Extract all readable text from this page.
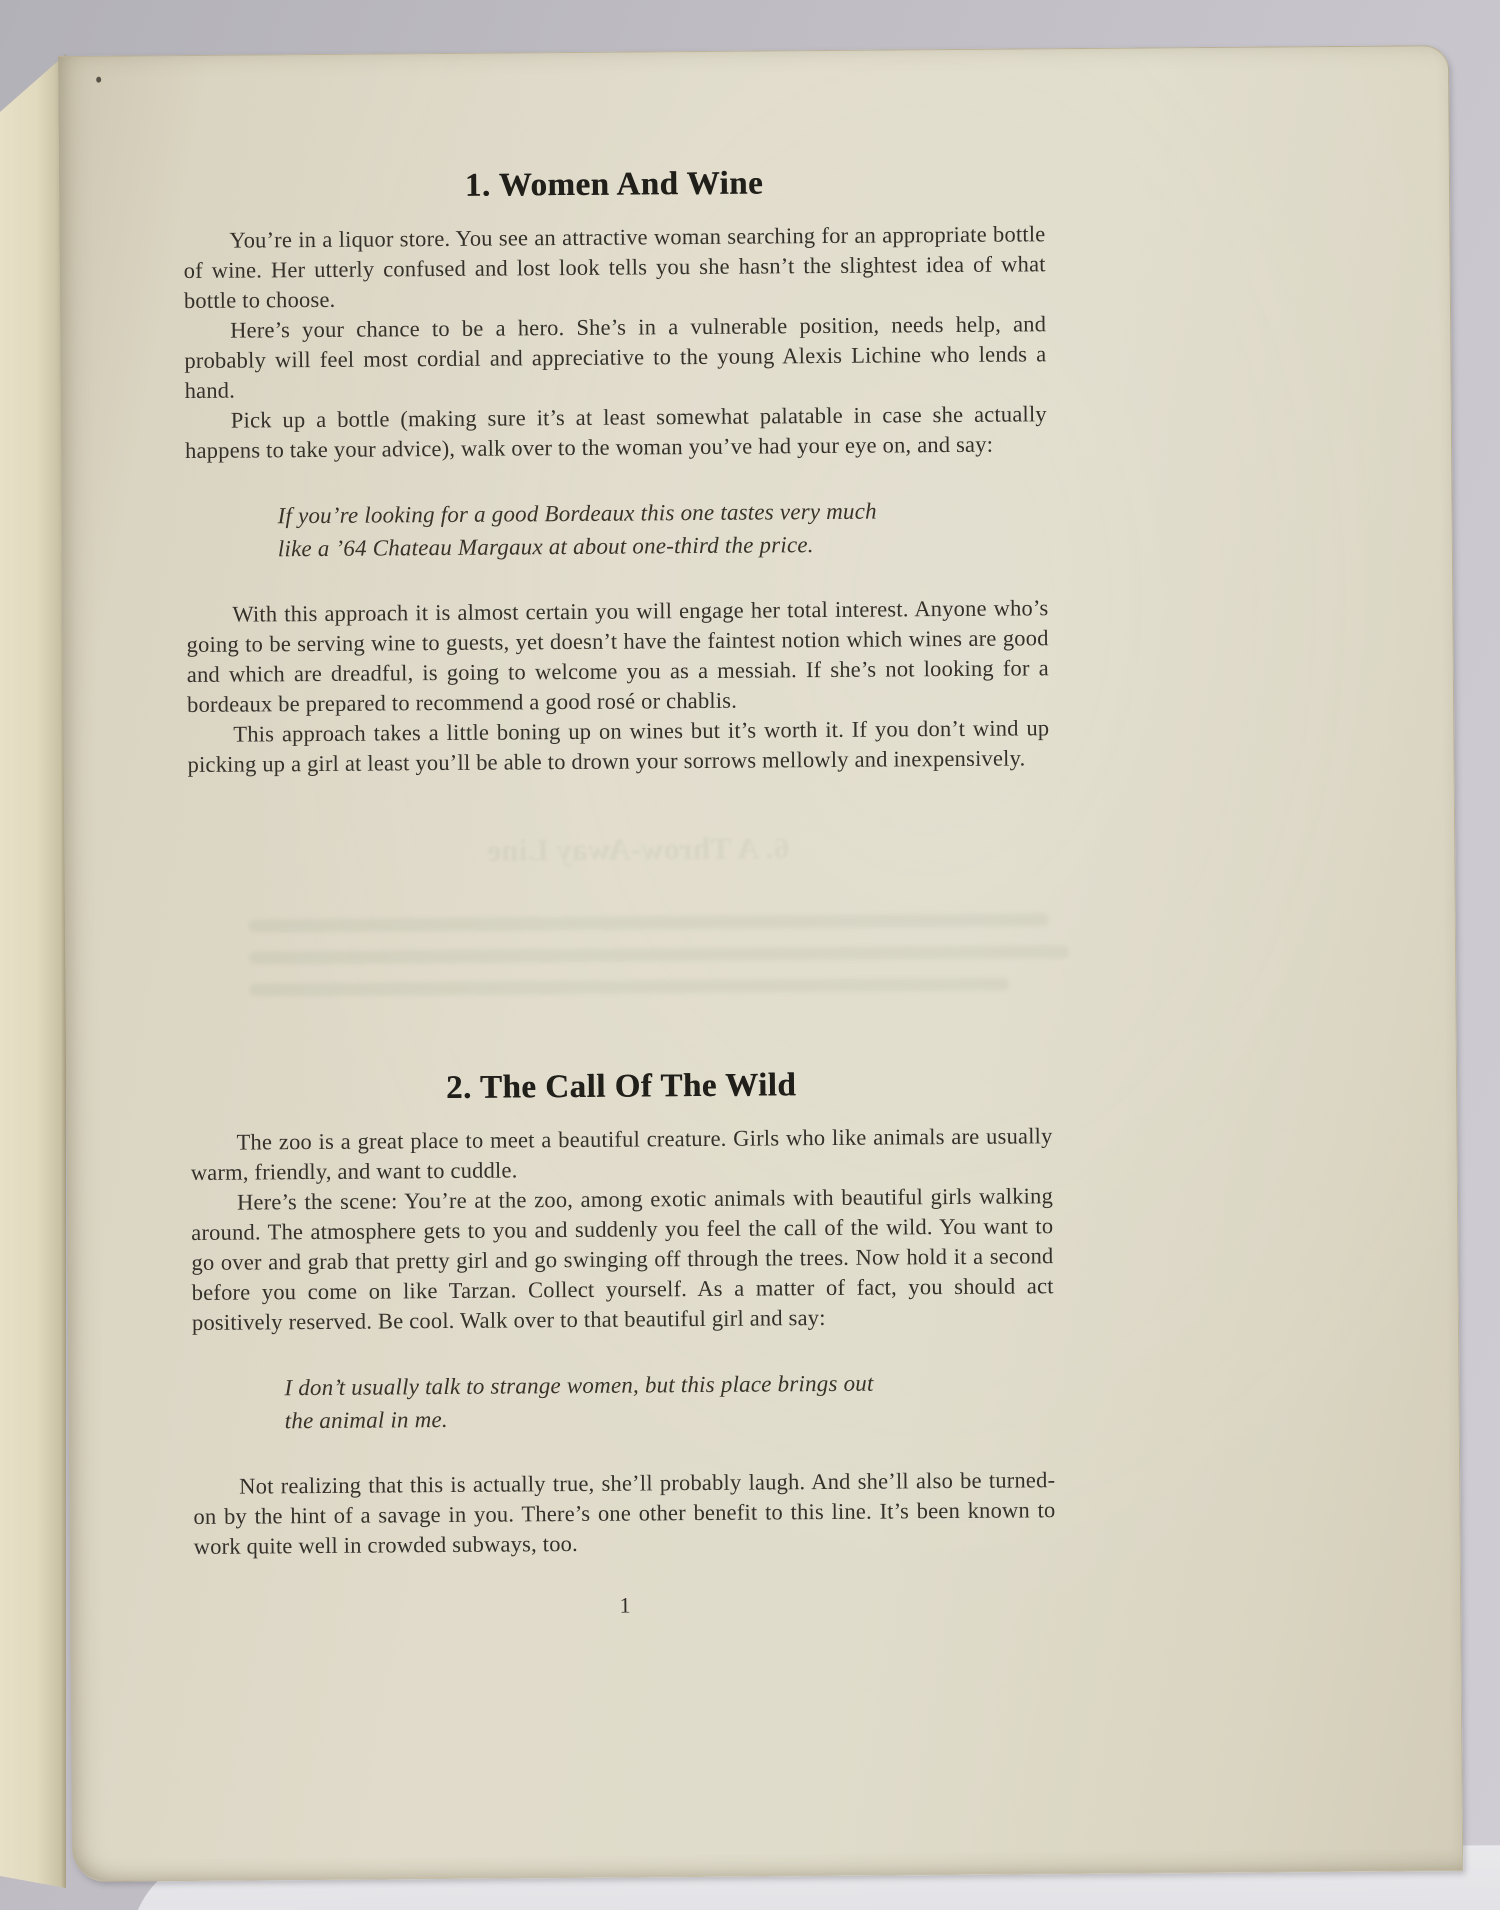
1. Women And Wine

You’re in a liquor store. You see an attractive woman searching for an appropriate bottle of wine. Her utterly confused and lost look tells you she hasn’t the slightest idea of what bottle to choose.

Here’s your chance to be a hero. She’s in a vulnerable position, needs help, and probably will feel most cordial and appreciative to the young Alexis Lichine who lends a hand.

Pick up a bottle (making sure it’s at least somewhat palatable in case she actually happens to take your advice), walk over to the woman you’ve had your eye on, and say:

If you’re looking for a good Bordeaux this one tastes very much
like a ’64 Chateau Margaux at about one-third the price.

With this approach it is almost certain you will engage her total interest. Anyone who’s going to be serving wine to guests, yet doesn’t have the faintest notion which wines are good and which are dreadful, is going to welcome you as a messiah. If she’s not looking for a bordeaux be prepared to recommend a good rosé or chablis.

This approach takes a little boning up on wines but it’s worth it. If you don’t wind up picking up a girl at least you’ll be able to drown your sorrows mellowly and inexpensively.

6. A Throw-Away Line
2. The Call Of The Wild

The zoo is a great place to meet a beautiful creature. Girls who like animals are usually warm, friendly, and want to cuddle.

Here’s the scene: You’re at the zoo, among exotic animals with beautiful girls walking around. The atmosphere gets to you and suddenly you feel the call of the wild. You want to go over and grab that pretty girl and go swinging off through the trees. Now hold it a second before you come on like Tarzan. Collect yourself. As a matter of fact, you should act positively reserved. Be cool. Walk over to that beautiful girl and say:

I don’t usually talk to strange women, but this place brings out
the animal in me.

Not realizing that this is actually true, she’ll probably laugh. And she’ll also be turned-on by the hint of a savage in you. There’s one other benefit to this line. It’s been known to work quite well in crowded subways, too.

1
